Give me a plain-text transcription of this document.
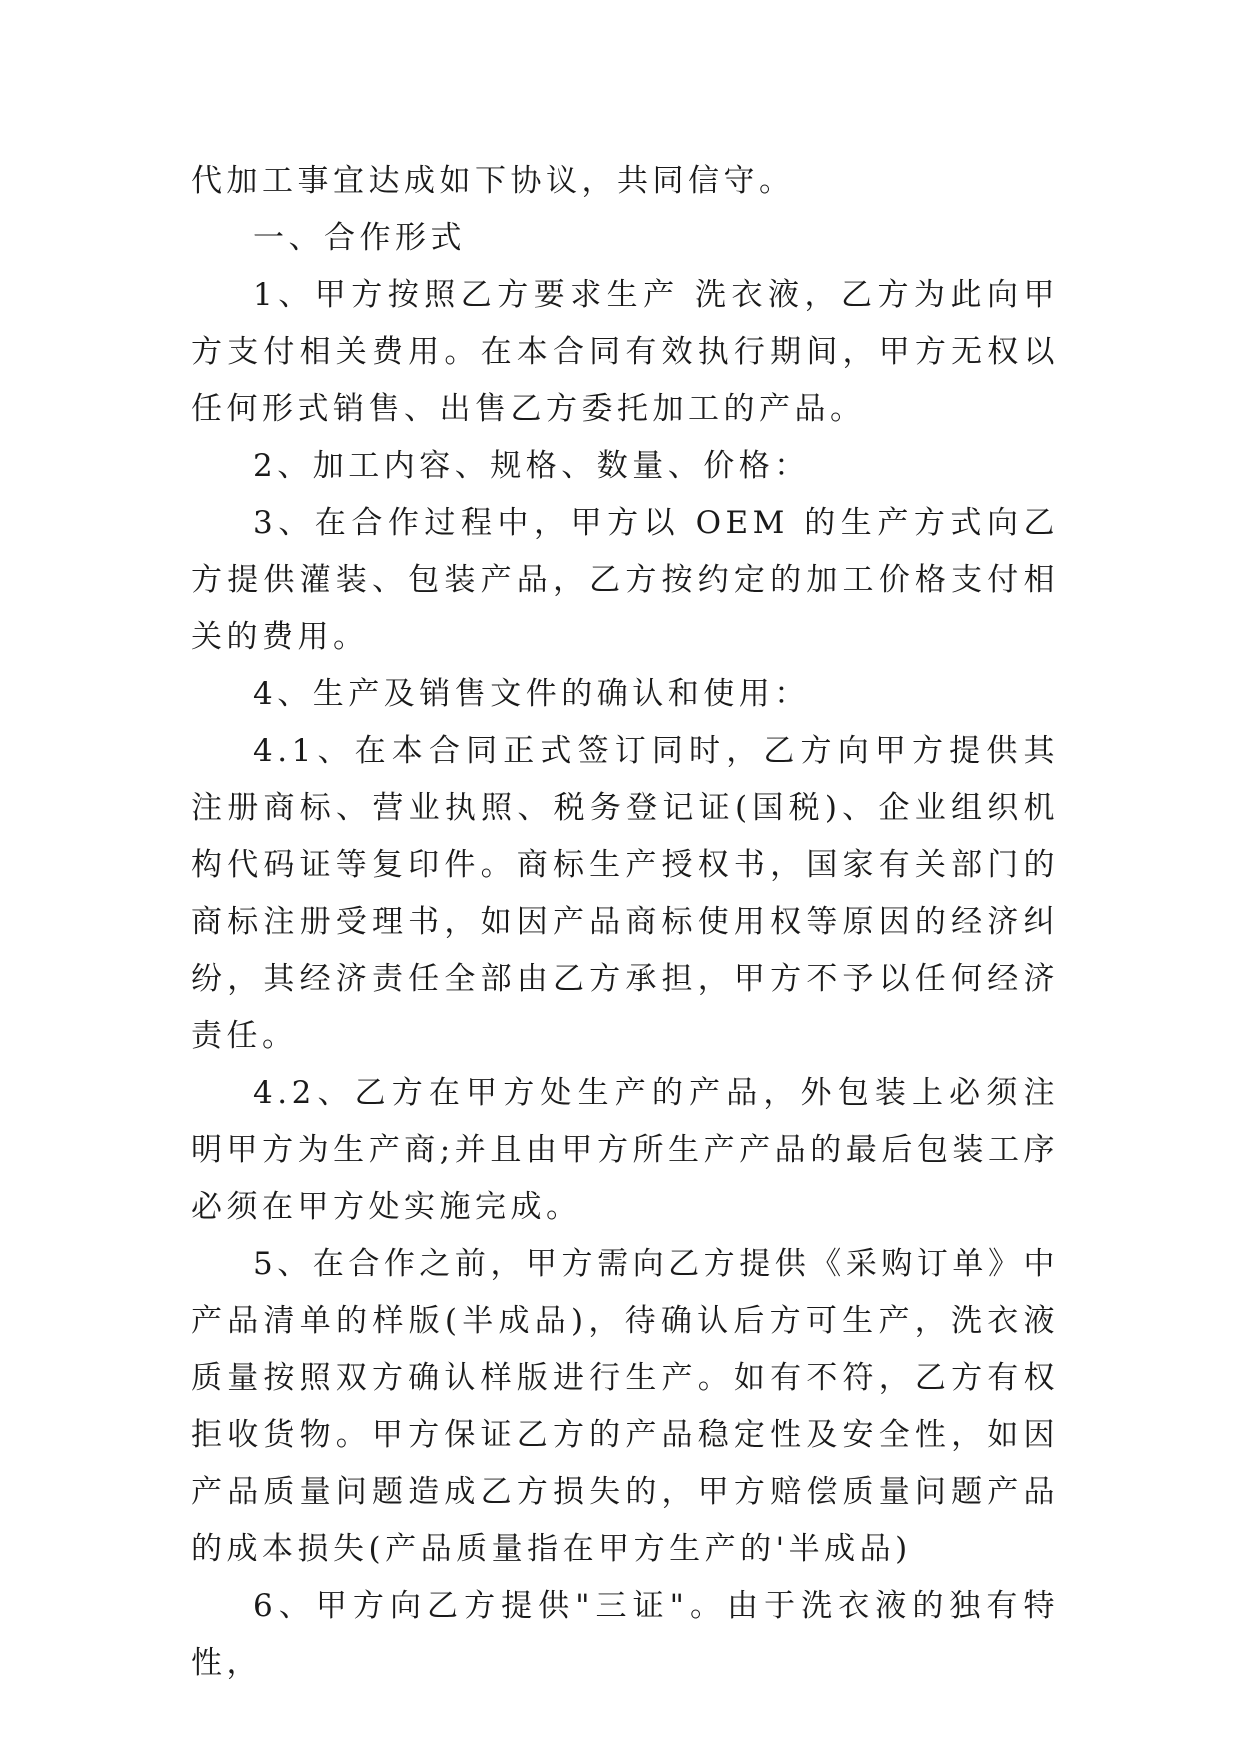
代加工事宜达成如下协议，共同信守。

一、合作形式

1、甲方按照乙方要求生产 洗衣液，乙方为此向甲方支付相关费用。在本合同有效执行期间，甲方无权以任何形式销售、出售乙方委托加工的产品。

2、加工内容、规格、数量、价格：

3、在合作过程中，甲方以 OEM 的生产方式向乙方提供灌装、包装产品，乙方按约定的加工价格支付相关的费用。

4、生产及销售文件的确认和使用：

4.1、在本合同正式签订同时，乙方向甲方提供其注册商标、营业执照、税务登记证(国税)、企业组织机构代码证等复印件。商标生产授权书，国家有关部门的商标注册受理书，如因产品商标使用权等原因的经济纠纷，其经济责任全部由乙方承担，甲方不予以任何经济责任。

4.2、乙方在甲方处生产的产品，外包装上必须注明甲方为生产商;并且由甲方所生产产品的最后包装工序必须在甲方处实施完成。

5、在合作之前，甲方需向乙方提供《采购订单》中产品清单的样版(半成品)，待确认后方可生产，洗衣液质量按照双方确认样版进行生产。如有不符，乙方有权拒收货物。甲方保证乙方的产品稳定性及安全性，如因产品质量问题造成乙方损失的，甲方赔偿质量问题产品的成本损失(产品质量指在甲方生产的'半成品)

6、甲方向乙方提供"三证"。由于洗衣液的独有特性，
